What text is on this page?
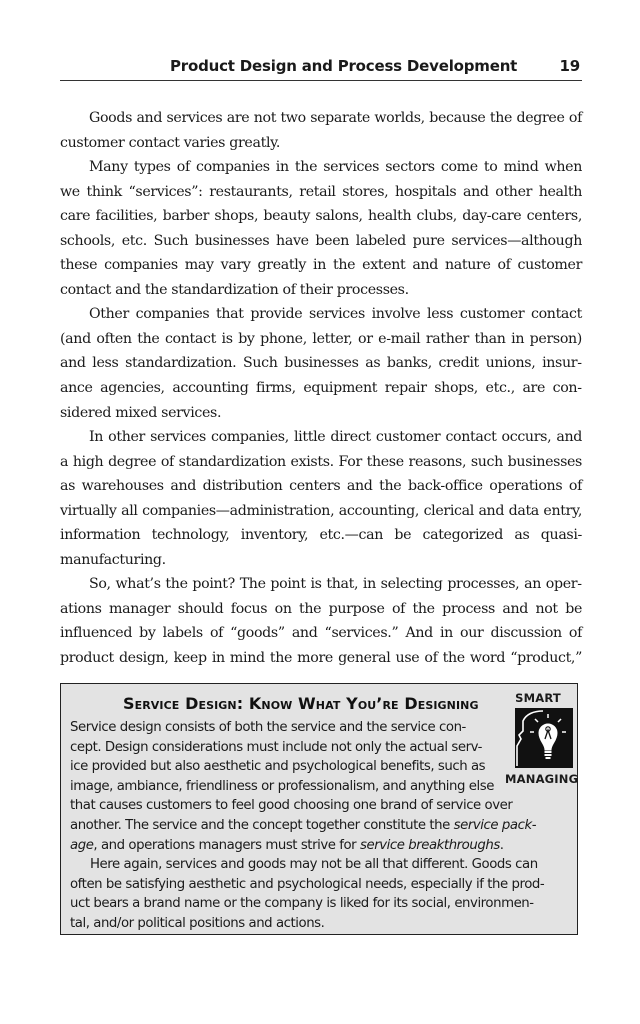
Product Design and Process Development	19

Goods and services are not two separate worlds, because the degree of customer contact varies greatly.

Many types of companies in the services sectors come to mind when we think “services”: restaurants, retail stores, hospitals and other health care facilities, barber shops, beauty salons, health clubs, day-care centers, schools, etc. Such businesses have been labeled pure services—although these companies may vary greatly in the extent and nature of customer contact and the standardization of their processes.

Other companies that provide services involve less customer contact (and often the contact is by phone, letter, or e-mail rather than in person) and less standardization. Such businesses as banks, credit unions, insurance agencies, accounting firms, equipment repair shops, etc., are considered mixed services.

In other services companies, little direct customer contact occurs, and a high degree of standardization exists. For these reasons, such businesses as warehouses and distribution centers and the back-office operations of virtually all companies—administration, accounting, clerical and data entry, information technology, inventory, etc.—can be categorized as quasi-manufacturing.

So, what’s the point? The point is that, in selecting processes, an operations manager should focus on the purpose of the process and not be influenced by labels of “goods” and “services.” And in our discussion of product design, keep in mind the more general use of the word “product,”

Service Design: Know What You’re Designing	SMART
MANAGING

Service design consists of both the service and the service con-
cept. Design considerations must include not only the actual serv-
ice provided but also aesthetic and psychological benefits, such as
image, ambiance, friendliness or professionalism, and anything else
that causes customers to feel good choosing one brand of service over
another. The service and the concept together constitute the service pack-
age, and operations managers must strive for service breakthroughs.

Here again, services and goods may not be all that different. Goods can
often be satisfying aesthetic and psychological needs, especially if the prod-
uct bears a brand name or the company is liked for its social, environmen-
tal, and/or political positions and actions.
